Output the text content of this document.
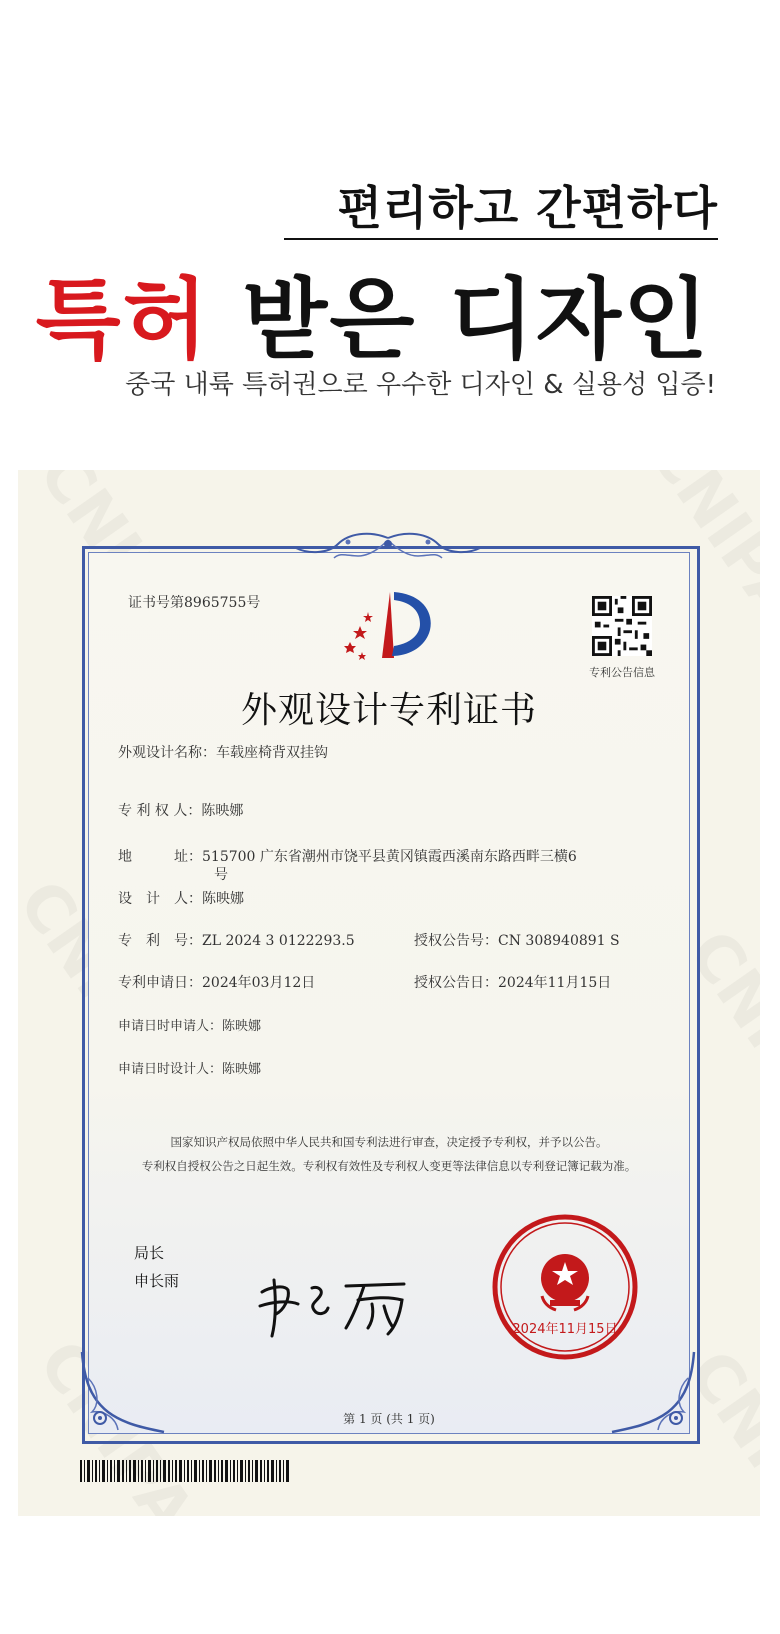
편리하고 간편하다
특허 받은 디자인
중국 내륙 특허권으로 우수한 디자인 & 실용성 입증!
证书号第8965755号
专利公告信息
外观设计专利证书
外观设计名称：车载座椅背双挂钩
专 利 权 人：陈映娜
地　　　址：515700 广东省潮州市饶平县黄冈镇霞西溪南东路西畔三横6
号
设　计　人：陈映娜
专　利　号：ZL 2024 3 0122293.5	授权公告号：CN 308940891 S
专利申请日：2024年03月12日	授权公告日：2024年11月15日
申请日时申请人：陈映娜
申请日时设计人：陈映娜
国家知识产权局依照中华人民共和国专利法进行审查，决定授予专利权，并予以公告。
专利权自授权公告之日起生效。专利权有效性及专利权人变更等法律信息以专利登记簿记载为准。
局长
申长雨
2024年11月15日
第 1 页 (共 1 页)
